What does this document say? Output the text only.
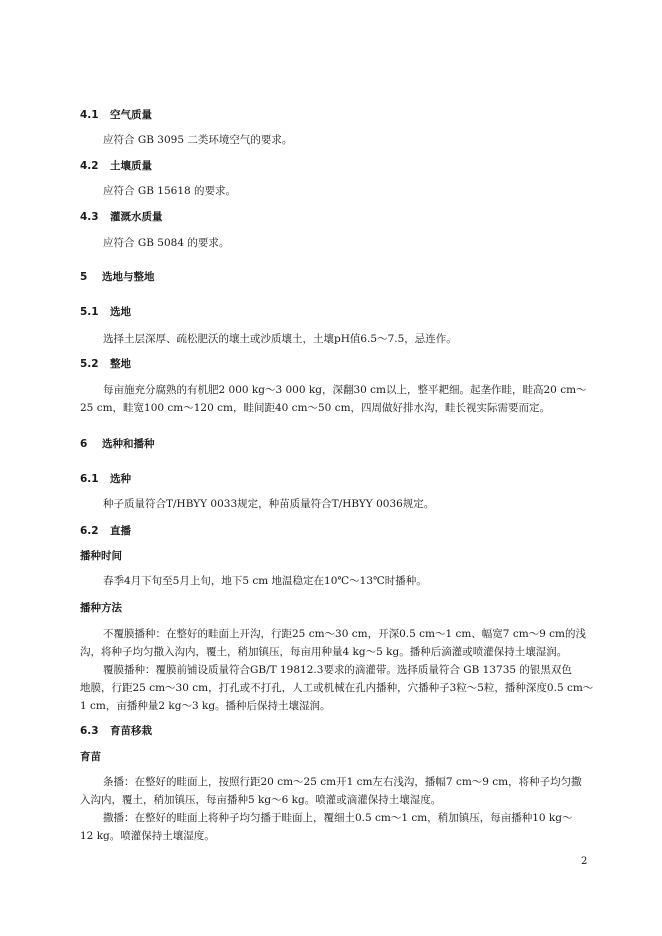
4.1 空气质量
应符合 GB 3095 二类环境空气的要求。
4.2 土壤质量
应符合 GB 15618 的要求。
4.3 灌溉水质量
应符合 GB 5084 的要求。
5 选地与整地
5.1 选地
选择土层深厚、疏松肥沃的壤土或沙质壤土，土壤pH值6.5～7.5，忌连作。
5.2 整地
每亩施充分腐熟的有机肥2 000 kg～3 000 kg，深翻30 cm以上，整平耙细。起垄作畦，畦高20 cm～
25 cm，畦宽100 cm～120 cm，畦间距40 cm～50 cm，四周做好排水沟，畦长视实际需要而定。
6 选种和播种
6.1 选种
种子质量符合T/HBYY 0033规定，种苗质量符合T/HBYY 0036规定。
6.2 直播
播种时间
春季4月下旬至5月上旬，地下5 cm 地温稳定在10℃～13℃时播种。
播种方法
不覆膜播种：在整好的畦面上开沟，行距25 cm～30 cm，开深0.5 cm～1 cm、幅宽7 cm～9 cm的浅
沟，将种子均匀撒入沟内，覆土，稍加镇压，每亩用种量4 kg～5 kg。播种后滴灌或喷灌保持土壤湿润。
覆膜播种：覆膜前铺设质量符合GB/T 19812.3要求的滴灌带。选择质量符合 GB 13735 的银黑双色
地膜，行距25 cm～30 cm，打孔或不打孔，人工或机械在孔内播种，穴播种子3粒～5粒，播种深度0.5 cm～
1 cm，亩播种量2 kg～3 kg。播种后保持土壤湿润。
6.3 育苗移栽
育苗
条播：在整好的畦面上，按照行距20 cm～25 cm开1 cm左右浅沟，播幅7 cm～9 cm，将种子均匀撒
入沟内，覆土，稍加镇压，每亩播种5 kg～6 kg。喷灌或滴灌保持土壤湿度。
撒播：在整好的畦面上将种子均匀播于畦面上，覆细土0.5 cm～1 cm，稍加镇压，每亩播种10 kg～
12 kg。喷灌保持土壤湿度。
2
